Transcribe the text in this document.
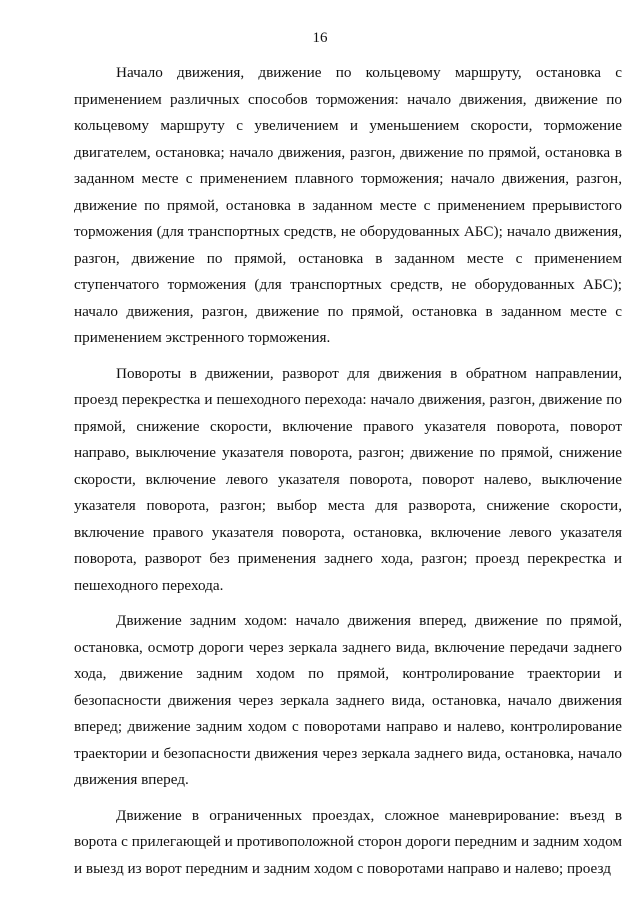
16

Начало движения, движение по кольцевому маршруту, остановка с применением различных способов торможения: начало движения, движение по кольцевому маршруту с увеличением и уменьшением скорости, торможение двигателем, остановка; начало движения, разгон, движение по прямой, остановка в заданном месте с применением плавного торможения; начало движения, разгон, движение по прямой, остановка в заданном месте с применением прерывистого торможения (для транспортных средств, не оборудованных АБС); начало движения, разгон, движение по прямой, остановка в заданном месте с применением ступенчатого торможения (для транспортных средств, не оборудованных АБС); начало движения, разгон, движение по прямой, остановка в заданном месте с применением экстренного торможения.

Повороты в движении, разворот для движения в обратном направлении, проезд перекрестка и пешеходного перехода: начало движения, разгон, движение по прямой, снижение скорости, включение правого указателя поворота, поворот направо, выключение указателя поворота, разгон; движение по прямой, снижение скорости, включение левого указателя поворота, поворот налево, выключение указателя поворота, разгон; выбор места для разворота, снижение скорости, включение правого указателя поворота, остановка, включение левого указателя поворота, разворот без применения заднего хода, разгон; проезд перекрестка и пешеходного перехода.

Движение задним ходом: начало движения вперед, движение по прямой, остановка, осмотр дороги через зеркала заднего вида, включение передачи заднего хода, движение задним ходом по прямой, контролирование траектории и безопасности движения через зеркала заднего вида, остановка, начало движения вперед; движение задним ходом с поворотами направо и налево, контролирование траектории и безопасности движения через зеркала заднего вида, остановка, начало движения вперед.

Движение в ограниченных проездах, сложное маневрирование: въезд в ворота с прилегающей и противоположной сторон дороги передним и задним ходом и выезд из ворот передним и задним ходом с поворотами направо и налево; проезд
